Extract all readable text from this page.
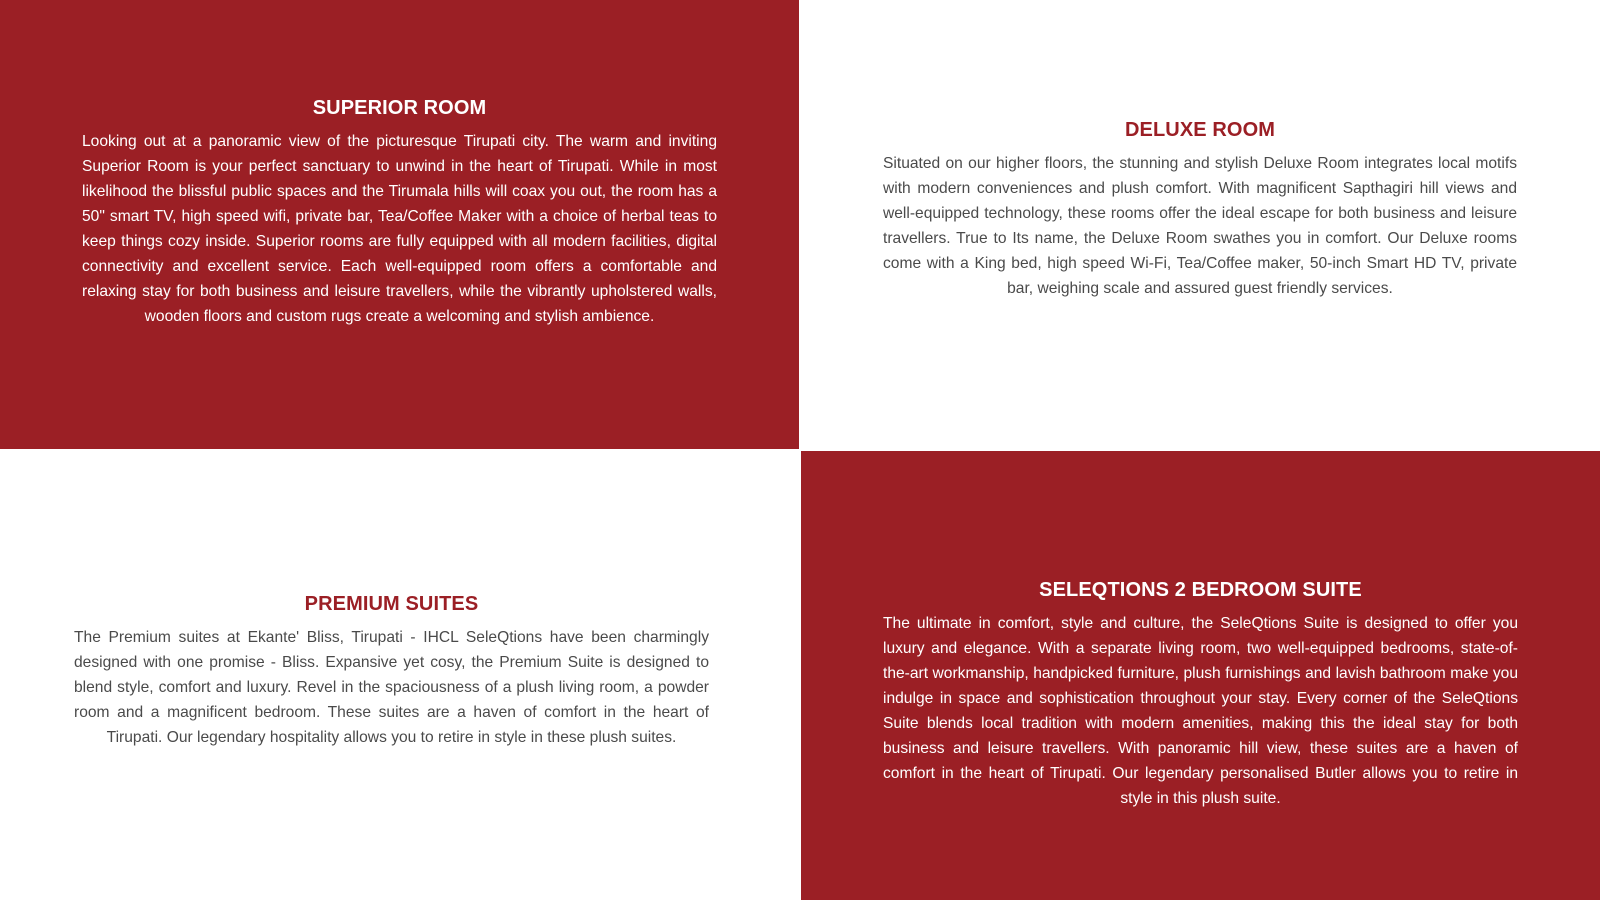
SUPERIOR ROOM

Looking out at a panoramic view of the picturesque Tirupati city. The warm and inviting Superior Room is your perfect sanctuary to unwind in the heart of Tirupati. While in most likelihood the blissful public spaces and the Tirumala hills will coax you out, the room has a 50" smart TV, high speed wifi, private bar, Tea/Coffee Maker with a choice of herbal teas to keep things cozy inside. Superior rooms are fully equipped with all modern facilities, digital connectivity and excellent service. Each well-equipped room offers a comfortable and relaxing stay for both business and leisure travellers, while the vibrantly upholstered walls, wooden floors and custom rugs create a welcoming and stylish ambience.

DELUXE ROOM

Situated on our higher floors, the stunning and stylish Deluxe Room integrates local motifs with modern conveniences and plush comfort. With magnificent Sapthagiri hill views and well-equipped technology, these rooms offer the ideal escape for both business and leisure travellers. True to Its name, the Deluxe Room swathes you in comfort. Our Deluxe rooms come with a King bed, high speed Wi-Fi, Tea/Coffee maker, 50-inch Smart HD TV, private bar, weighing scale and assured guest friendly services.

PREMIUM SUITES

The Premium suites at Ekante' Bliss, Tirupati - IHCL SeleQtions have been charmingly designed with one promise - Bliss. Expansive yet cosy, the Premium Suite is designed to blend style, comfort and luxury. Revel in the spaciousness of a plush living room, a powder room and a magnificent bedroom. These suites are a haven of comfort in the heart of Tirupati. Our legendary hospitality allows you to retire in style in these plush suites.

SELEQTIONS 2 BEDROOM SUITE

The ultimate in comfort, style and culture, the SeleQtions Suite is designed to offer you luxury and elegance. With a separate living room, two well-equipped bedrooms, state-of-the-art workmanship, handpicked furniture, plush furnishings and lavish bathroom make you indulge in space and sophistication throughout your stay. Every corner of the SeleQtions Suite blends local tradition with modern amenities, making this the ideal stay for both business and leisure travellers. With panoramic hill view, these suites are a haven of comfort in the heart of Tirupati. Our legendary personalised Butler allows you to retire in style in this plush suite.
